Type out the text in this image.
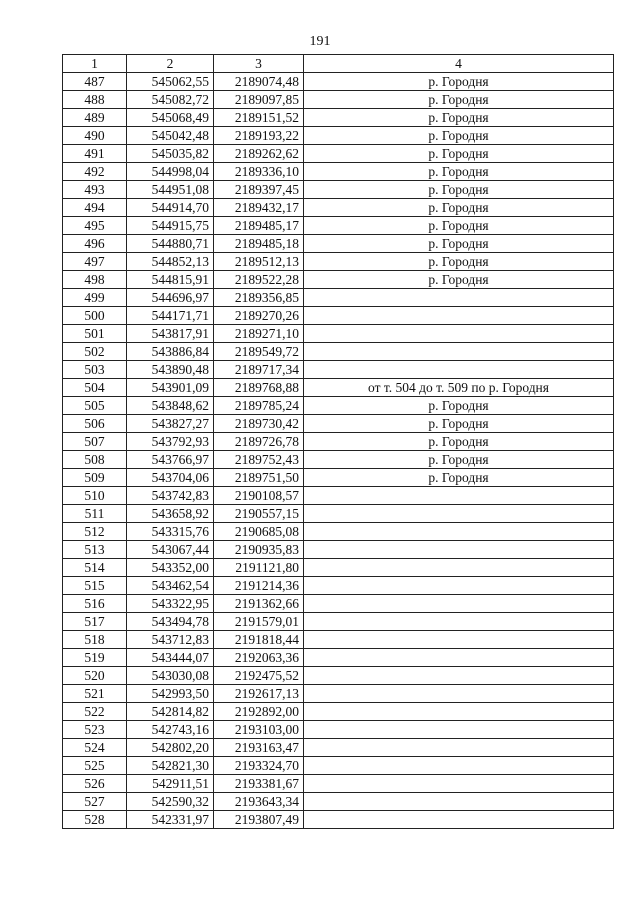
191
1	2	3	4
487	545062,55	2189074,48	р. Городня
488	545082,72	2189097,85	р. Городня
489	545068,49	2189151,52	р. Городня
490	545042,48	2189193,22	р. Городня
491	545035,82	2189262,62	р. Городня
492	544998,04	2189336,10	р. Городня
493	544951,08	2189397,45	р. Городня
494	544914,70	2189432,17	р. Городня
495	544915,75	2189485,17	р. Городня
496	544880,71	2189485,18	р. Городня
497	544852,13	2189512,13	р. Городня
498	544815,91	2189522,28	р. Городня
499	544696,97	2189356,85	
500	544171,71	2189270,26	
501	543817,91	2189271,10	
502	543886,84	2189549,72	
503	543890,48	2189717,34	
504	543901,09	2189768,88	от т. 504 до т. 509 по р. Городня
505	543848,62	2189785,24	р. Городня
506	543827,27	2189730,42	р. Городня
507	543792,93	2189726,78	р. Городня
508	543766,97	2189752,43	р. Городня
509	543704,06	2189751,50	р. Городня
510	543742,83	2190108,57	
511	543658,92	2190557,15	
512	543315,76	2190685,08	
513	543067,44	2190935,83	
514	543352,00	2191121,80	
515	543462,54	2191214,36	
516	543322,95	2191362,66	
517	543494,78	2191579,01	
518	543712,83	2191818,44	
519	543444,07	2192063,36	
520	543030,08	2192475,52	
521	542993,50	2192617,13	
522	542814,82	2192892,00	
523	542743,16	2193103,00	
524	542802,20	2193163,47	
525	542821,30	2193324,70	
526	542911,51	2193381,67	
527	542590,32	2193643,34	
528	542331,97	2193807,49	
